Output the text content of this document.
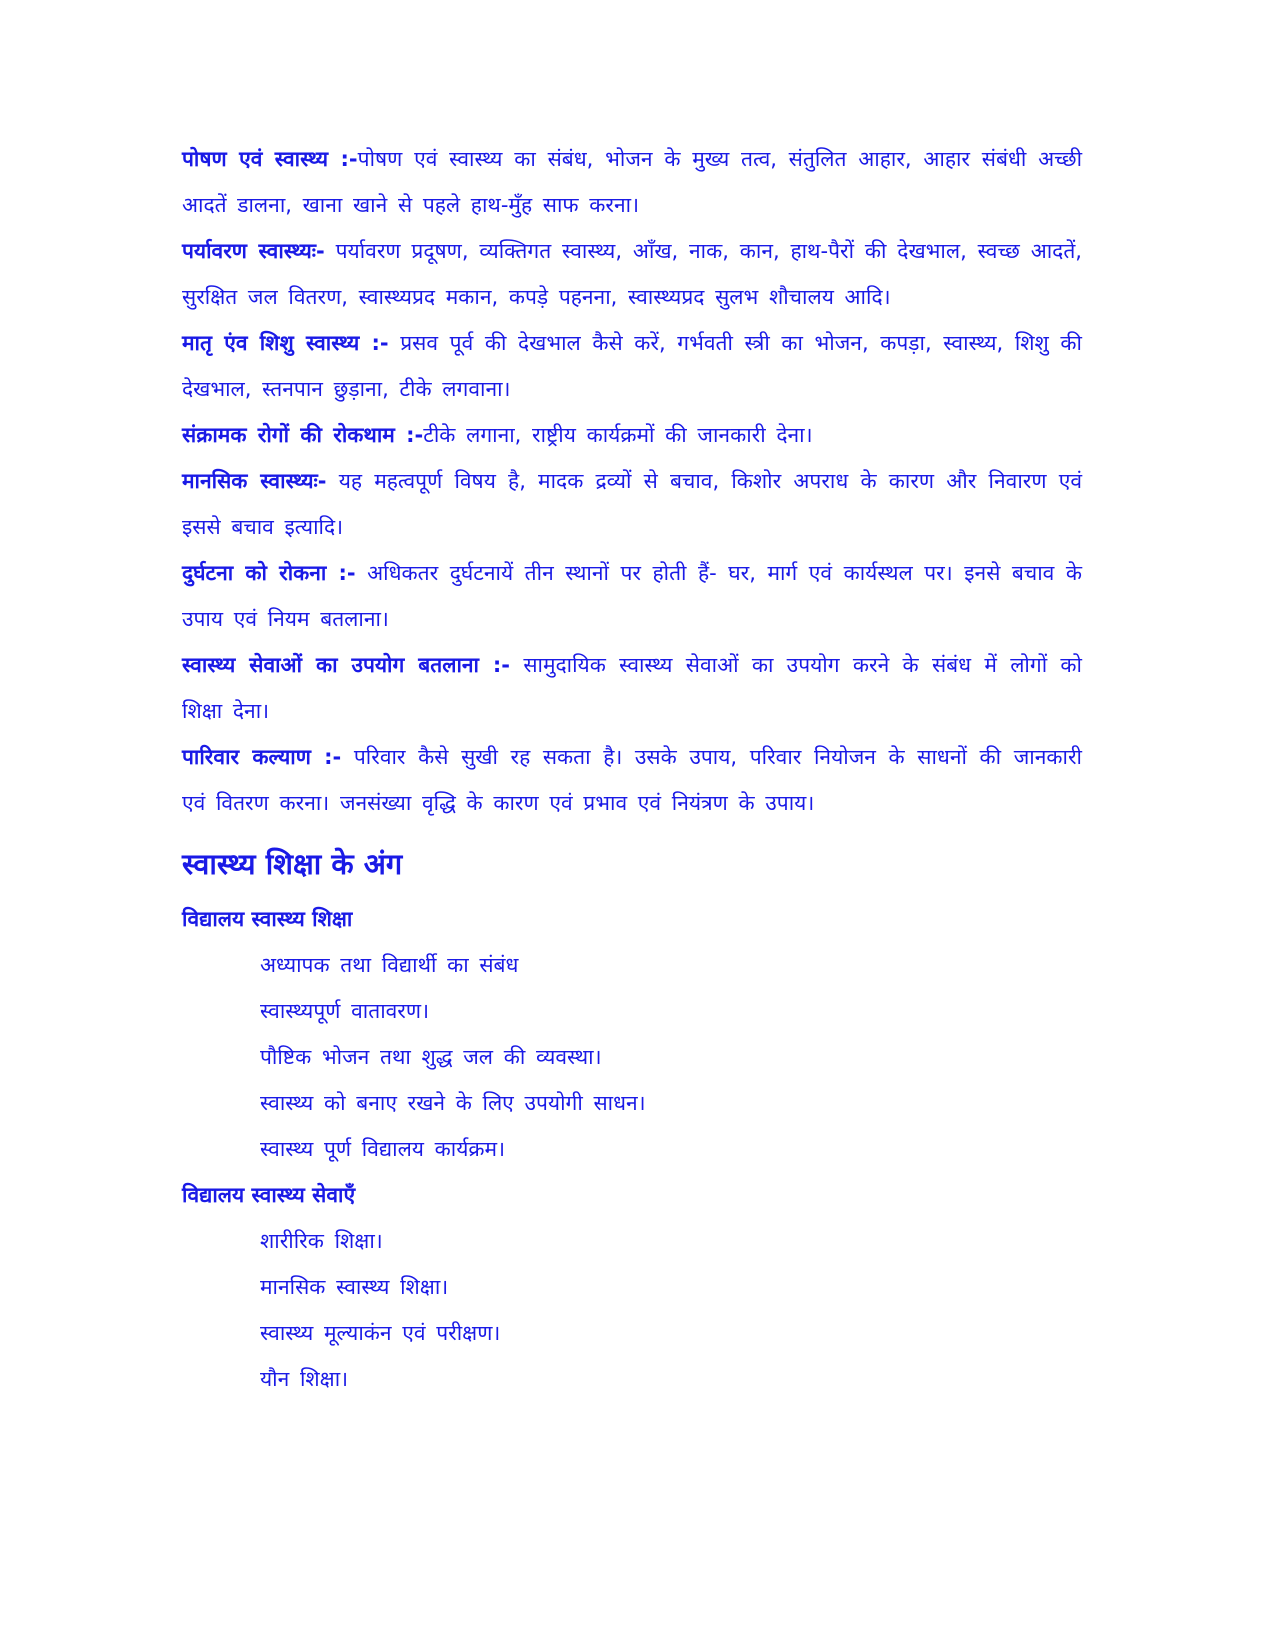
पोषण एवं स्वास्थ्य :-पोषण एवं स्वास्थ्य का संबंध, भोजन के मुख्य तत्व, संतुलित आहार, आहार संबंधी अच्छी आदतें डालना, खाना खाने से पहले हाथ-मुँह साफ करना।

पर्यावरण स्वास्थ्यः- पर्यावरण प्रदूषण, व्यक्तिगत स्वास्थ्य, आँख, नाक, कान, हाथ-पैरों की देखभाल, स्वच्छ आदतें, सुरक्षित जल वितरण, स्वास्थ्यप्रद मकान, कपड़े पहनना, स्वास्थ्यप्रद सुलभ शौचालय आदि।

मातृ एंव शिशु स्वास्थ्य :- प्रसव पूर्व की देखभाल कैसे करें, गर्भवती स्त्री का भोजन, कपड़ा, स्वास्थ्य, शिशु की देखभाल, स्तनपान छुड़ाना, टीके लगवाना।

संक्रामक रोगों की रोकथाम :-टीके लगाना, राष्ट्रीय कार्यक्रमों की जानकारी देना।

मानसिक स्वास्थ्यः- यह महत्वपूर्ण विषय है, मादक द्रव्यों से बचाव, किशोर अपराध के कारण और निवारण एवं इससे बचाव इत्यादि।

दुर्घटना को रोकना :- अधिकतर दुर्घटनायें तीन स्थानों पर होती हैं- घर, मार्ग एवं कार्यस्थल पर। इनसे बचाव के उपाय एवं नियम बतलाना।

स्वास्थ्य सेवाओं का उपयोग बतलाना :- सामुदायिक स्वास्थ्य सेवाओं का उपयोग करने के संबंध में लोगों को शिक्षा देना।

पारिवार कल्याण :- परिवार कैसे सुखी रह सकता है। उसके उपाय, परिवार नियोजन के साधनों की जानकारी एवं वितरण करना। जनसंख्या वृद्धि के कारण एवं प्रभाव एवं नियंत्रण के उपाय।

स्वास्थ्य शिक्षा के अंग
विद्यालय स्वास्थ्य शिक्षा
अध्यापक तथा विद्यार्थी का संबंध
स्वास्थ्यपूर्ण वातावरण।
पौष्टिक भोजन तथा शुद्ध जल की व्यवस्था।
स्वास्थ्य को बनाए रखने के लिए उपयोगी साधन।
स्वास्थ्य पूर्ण विद्यालय कार्यक्रम।
विद्यालय स्वास्थ्य सेवाएँ
शारीरिक शिक्षा।
मानसिक स्वास्थ्य शिक्षा।
स्वास्थ्य मूल्याकंन एवं परीक्षण।
यौन शिक्षा।
